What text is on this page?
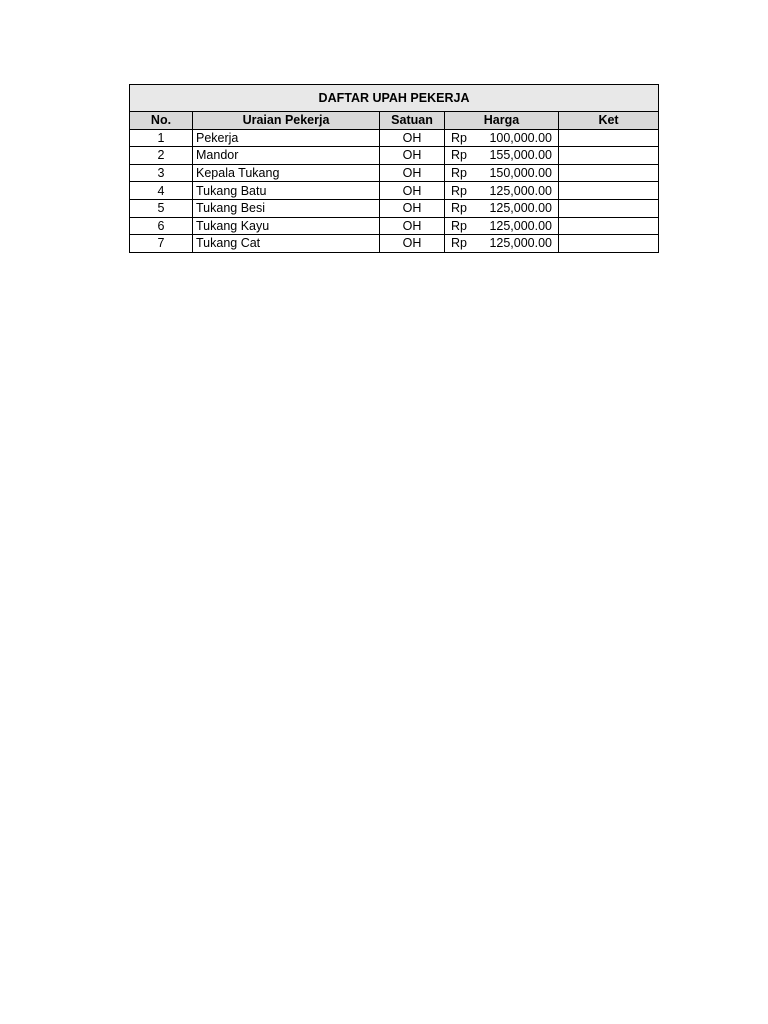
DAFTAR UPAH PEKERJA				
No.	Uraian Pekerja	Satuan	Harga	Ket
1	Pekerja	OH	Rp 100,000.00	

2	Mandor	OH	Rp 155,000.00	

3	Kepala Tukang	OH	Rp 150,000.00	

4	Tukang Batu	OH	Rp 125,000.00	

5	Tukang Besi	OH	Rp 125,000.00	

6	Tukang Kayu	OH	Rp 125,000.00	

7	Tukang Cat	OH	Rp 125,000.00	
